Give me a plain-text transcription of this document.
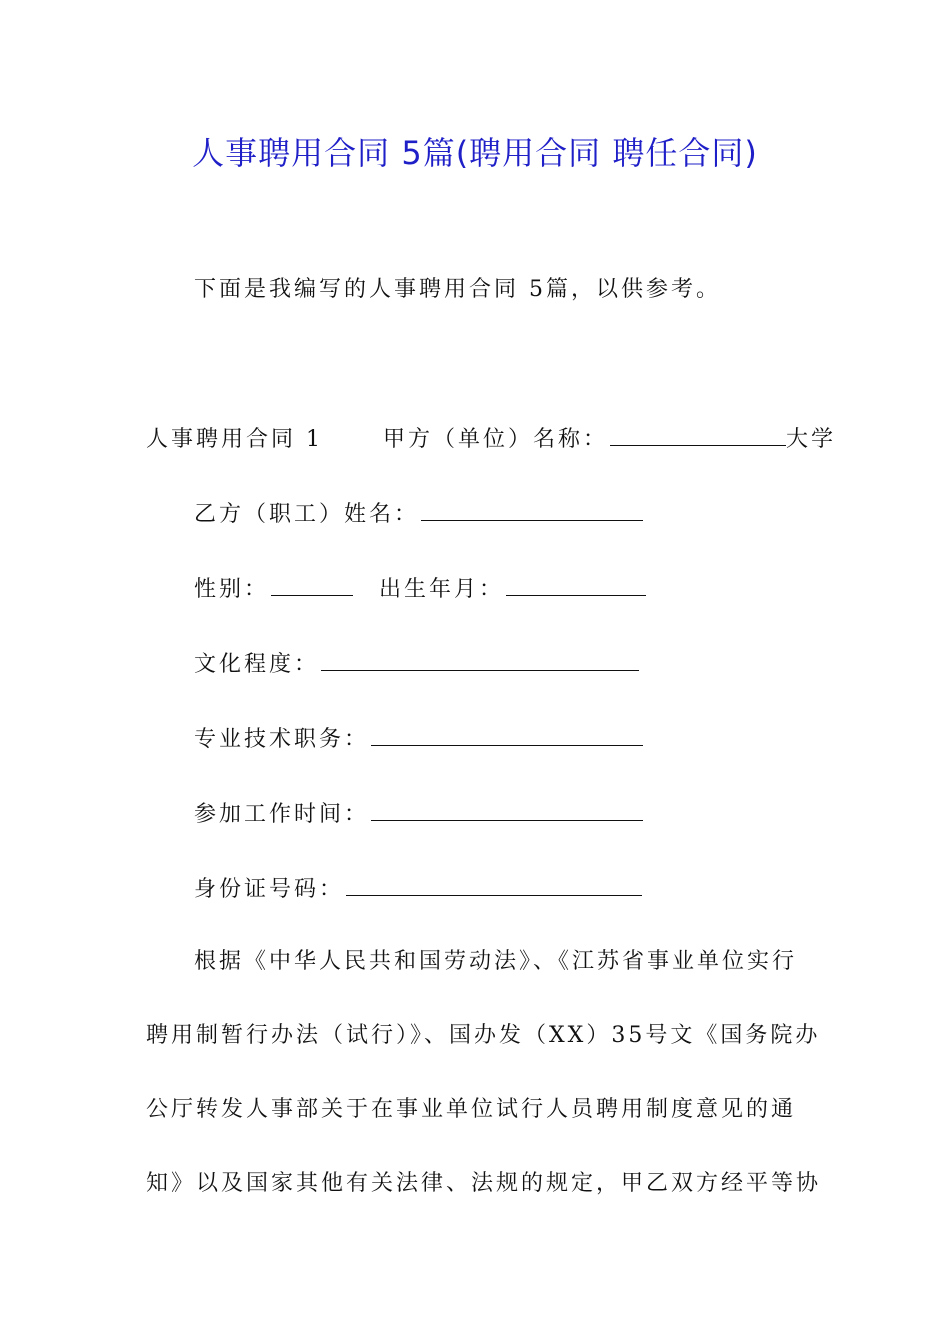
人事聘用合同 5篇(聘用合同 聘任合同)
下面是我编写的人事聘用合同 5篇，以供参考。
人事聘用合同 1	甲方（单位）名称：	大学
乙方（职工）姓名：
性别：	出生年月：
文化程度：
专业技术职务：
参加工作时间：
身份证号码：
根据《中华人民共和国劳动法》、《江苏省事业单位实行
聘用制暂行办法（试行）》、国办发（XX）35号文《国务院办
公厅转发人事部关于在事业单位试行人员聘用制度意见的通
知》以及国家其他有关法律、法规的规定，甲乙双方经平等协
